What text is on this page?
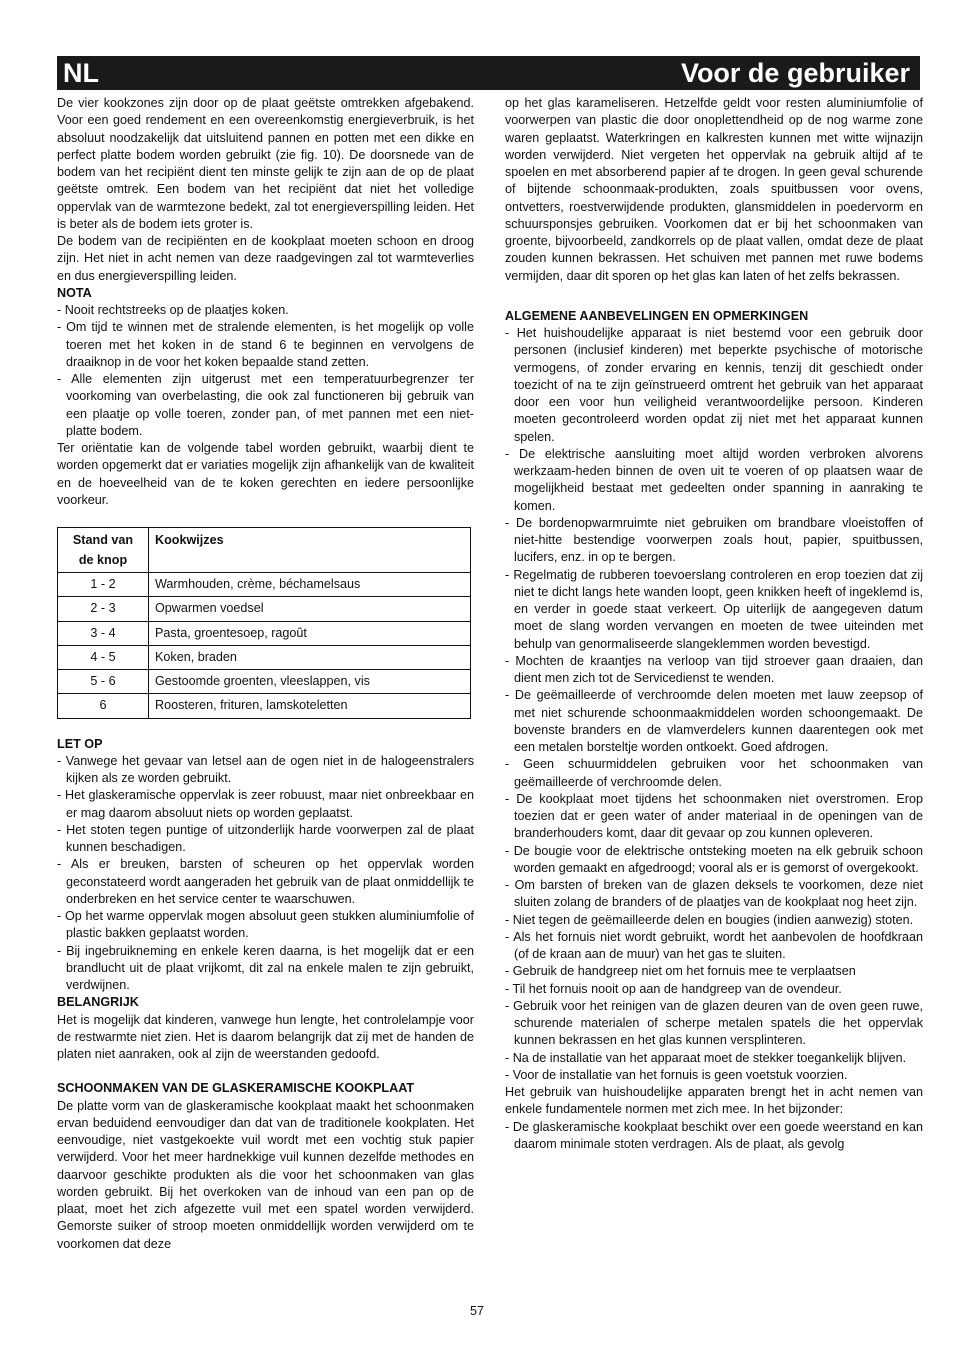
NL	Voor de gebruiker

De vier kookzones zijn door op de plaat geëtste omtrekken afgebakend. Voor een goed rendement en een overeenkomstig energieverbruik, is het absoluut noodzakelijk dat uitsluitend pannen en potten met een dikke en perfect platte bodem worden gebruikt (zie fig. 10). De doorsnede van de bodem van het recipiënt dient ten minste gelijk te zijn aan de op de plaat geëtste omtrek. Een bodem van het recipiënt dat niet het volledige oppervlak van de warmtezone bedekt, zal tot energieverspilling leiden. Het is beter als de bodem iets groter is.

De bodem van de recipiënten en de kookplaat moeten schoon en droog zijn. Het niet in acht nemen van deze raadgevingen zal tot warmteverlies en dus energieverspilling leiden.

NOTA

- Nooit rechtstreeks op de plaatjes koken.

- Om tijd te winnen met de stralende elementen, is het mogelijk op volle toeren met het koken in de stand 6 te beginnen en vervolgens de draaiknop in de voor het koken bepaalde stand zetten.

- Alle elementen zijn uitgerust met een temperatuurbegrenzer ter voorkoming van overbelasting, die ook zal functioneren bij gebruik van een plaatje op volle toeren, zonder pan, of met pannen met een niet-platte bodem.

Ter oriëntatie kan de volgende tabel worden gebruikt, waarbij dient te worden opgemerkt dat er variaties mogelijk zijn afhankelijk van de kwaliteit en de hoeveelheid van de te koken gerechten en iedere persoonlijke voorkeur.

Stand van de knop	Kookwijzes
1 - 2	Warmhouden, crème, béchamelsaus
2 - 3	Opwarmen voedsel
3 - 4	Pasta, groentesoep, ragoût
4 - 5	Koken, braden
5 - 6	Gestoomde groenten, vleeslappen, vis
6	Roosteren, frituren, lamskoteletten

LET OP

- Vanwege het gevaar van letsel aan de ogen niet in de halogeenstralers kijken als ze worden gebruikt.

- Het glaskeramische oppervlak is zeer robuust, maar niet onbreekbaar en er mag daarom absoluut niets op worden geplaatst.

- Het stoten tegen puntige of uitzonderlijk harde voorwerpen zal de plaat kunnen beschadigen.

- Als er breuken, barsten of scheuren op het oppervlak worden geconstateerd wordt aangeraden het gebruik van de plaat onmiddellijk te onderbreken en het service center te waarschuwen.

- Op het warme oppervlak mogen absoluut geen stukken aluminiumfolie of plastic bakken geplaatst worden.

- Bij ingebruikneming en enkele keren daarna, is het mogelijk dat er een brandlucht uit de plaat vrijkomt, dit zal na enkele malen te zijn gebruikt, verdwijnen.

BELANGRIJK

Het is mogelijk dat kinderen, vanwege hun lengte, het controlelampje voor de restwarmte niet zien. Het is daarom belangrijk dat zij met de handen de platen niet aanraken, ook al zijn de weerstanden gedoofd.

SCHOONMAKEN VAN DE GLASKERAMISCHE KOOKPLAAT

De platte vorm van de glaskeramische kookplaat maakt het schoonmaken ervan beduidend eenvoudiger dan dat van de traditionele kookplaten. Het eenvoudige, niet vastgekoekte vuil wordt met een vochtig stuk papier verwijderd. Voor het meer hardnekkige vuil kunnen dezelfde methodes en daarvoor geschikte produkten als die voor het schoonmaken van glas worden gebruikt. Bij het overkoken van de inhoud van een pan op de plaat, moet het zich afgezette vuil met een spatel worden verwijderd. Gemorste suiker of stroop moeten onmiddellijk worden verwijderd om te voorkomen dat deze

op het glas karameliseren. Hetzelfde geldt voor resten aluminiumfolie of voorwerpen van plastic die door onoplettendheid op de nog warme zone waren geplaatst. Waterkringen en kalkresten kunnen met witte wijnazijn worden verwijderd. Niet vergeten het oppervlak na gebruik altijd af te spoelen en met absorberend papier af te drogen. In geen geval schurende of bijtende schoonmaak-produkten, zoals spuitbussen voor ovens, ontvetters, roestverwijdende produkten, glansmiddelen in poedervorm en schuursponsjes gebruiken. Voorkomen dat er bij het schoonmaken van groente, bijvoorbeeld, zandkorrels op de plaat vallen, omdat deze de plaat zouden kunnen bekrassen. Het schuiven met pannen met ruwe bodems vermijden, daar dit sporen op het glas kan laten of het zelfs bekrassen.

ALGEMENE AANBEVELINGEN EN OPMERKINGEN

- Het huishoudelijke apparaat is niet bestemd voor een gebruik door personen (inclusief kinderen) met beperkte psychische of motorische vermogens, of zonder ervaring en kennis, tenzij dit geschiedt onder toezicht of na te zijn geïnstrueerd omtrent het gebruik van het apparaat door een voor hun veiligheid verantwoordelijke persoon. Kinderen moeten gecontroleerd worden opdat zij niet met het apparaat kunnen spelen.

- De elektrische aansluiting moet altijd worden verbroken alvorens werkzaam-heden binnen de oven uit te voeren of op plaatsen waar de mogelijkheid bestaat met gedeelten onder spanning in aanraking te komen.

- De bordenopwarmruimte niet gebruiken om brandbare vloeistoffen of niet-hitte bestendige voorwerpen zoals hout, papier, spuitbussen, lucifers, enz. in op te bergen.

- Regelmatig de rubberen toevoerslang controleren en erop toezien dat zij niet te dicht langs hete wanden loopt, geen knikken heeft of ingeklemd is, en verder in goede staat verkeert. Op uiterlijk de aangegeven datum moet de slang worden vervangen en moeten de twee uiteinden met behulp van genormaliseerde slangeklemmen worden bevestigd.

- Mochten de kraantjes na verloop van tijd stroever gaan draaien, dan dient men zich tot de Servicedienst te wenden.

- De geëmailleerde of verchroomde delen moeten met lauw zeepsop of met niet schurende schoonmaakmiddelen worden schoongemaakt. De bovenste branders en de vlamverdelers kunnen daarentegen ook met een metalen borsteltje worden ontkoekt. Goed afdrogen.

- Geen schuurmiddelen gebruiken voor het schoonmaken van geëmailleerde of verchroomde delen.

- De kookplaat moet tijdens het schoonmaken niet overstromen. Erop toezien dat er geen water of ander materiaal in de openingen van de branderhouders komt, daar dit gevaar op zou kunnen opleveren.

- De bougie voor de elektrische ontsteking moeten na elk gebruik schoon worden gemaakt en afgedroogd; vooral als er is gemorst of overgekookt.

- Om barsten of breken van de glazen deksels te voorkomen, deze niet sluiten zolang de branders of de plaatjes van de kookplaat nog heet zijn.

- Niet tegen de geëmailleerde delen en bougies (indien aanwezig) stoten.

- Als het fornuis niet wordt gebruikt, wordt het aanbevolen de hoofdkraan (of de kraan aan de muur) van het gas te sluiten.

- Gebruik de handgreep niet om het fornuis mee te verplaatsen

- Til het fornuis nooit op aan de handgreep van de ovendeur.

- Gebruik voor het reinigen van de glazen deuren van de oven geen ruwe, schurende materialen of scherpe metalen spatels die het oppervlak kunnen bekrassen en het glas kunnen versplinteren.

- Na de installatie van het apparaat moet de stekker toegankelijk blijven.

- Voor de installatie van het fornuis is geen voetstuk voorzien.

Het gebruik van huishoudelijke apparaten brengt het in acht nemen van enkele fundamentele normen met zich mee. In het bijzonder:

- De glaskeramische kookplaat beschikt over een goede weerstand en kan daarom minimale stoten verdragen. Als de plaat, als gevolg

57
